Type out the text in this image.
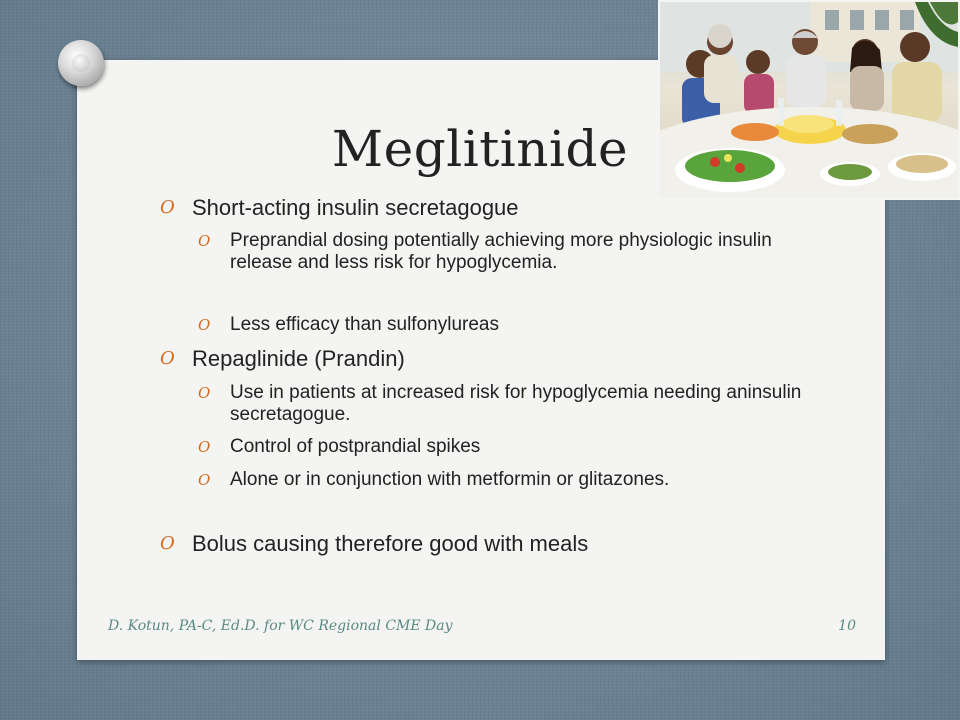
Meglitinide
O Short-acting insulin secretagogue
O	Preprandial dosing potentially achieving more physiologic insulin release and less risk for hypoglycemia.
O	Less efficacy than sulfonylureas
O Repaglinide (Prandin)
O	Use in patients at increased risk for hypoglycemia needing aninsulin secretagogue.
O	Control of postprandial spikes
O	Alone or in conjunction with metformin or glitazones.
O Bolus causing therefore good with meals
D. Kotun, PA-C, Ed.D. for WC Regional CME Day	10
